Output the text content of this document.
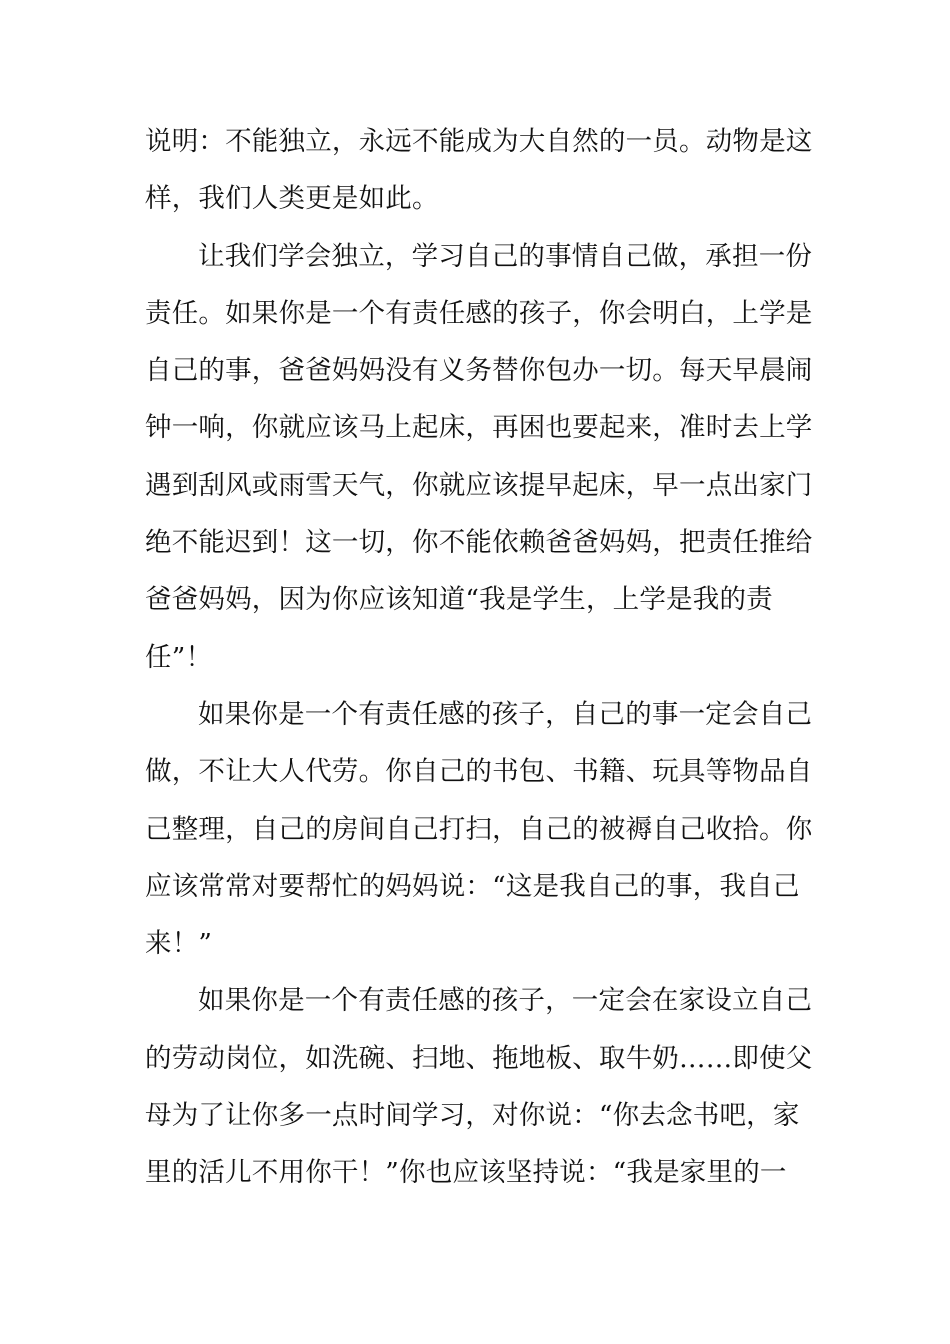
说明：不能独立，永远不能成为大自然的一员。动物是这
样，我们人类更是如此。
让我们学会独立，学习自己的事情自己做，承担一份
责任。如果你是一个有责任感的孩子，你会明白，上学是
自己的事，爸爸妈妈没有义务替你包办一切。每天早晨闹
钟一响，你就应该马上起床，再困也要起来，准时去上学
遇到刮风或雨雪天气，你就应该提早起床，早一点出家门
绝不能迟到！这一切，你不能依赖爸爸妈妈，把责任推给
爸爸妈妈，因为你应该知道“我是学生，上学是我的责
任”！
如果你是一个有责任感的孩子，自己的事一定会自己
做，不让大人代劳。你自己的书包、书籍、玩具等物品自
己整理，自己的房间自己打扫，自己的被褥自己收拾。你
应该常常对要帮忙的妈妈说：“这是我自己的事，我自己
来！”
如果你是一个有责任感的孩子，一定会在家设立自己
的劳动岗位，如洗碗、扫地、拖地板、取牛奶……即使父
母为了让你多一点时间学习，对你说：“你去念书吧，家
里的活儿不用你干！”你也应该坚持说：“我是家里的一
